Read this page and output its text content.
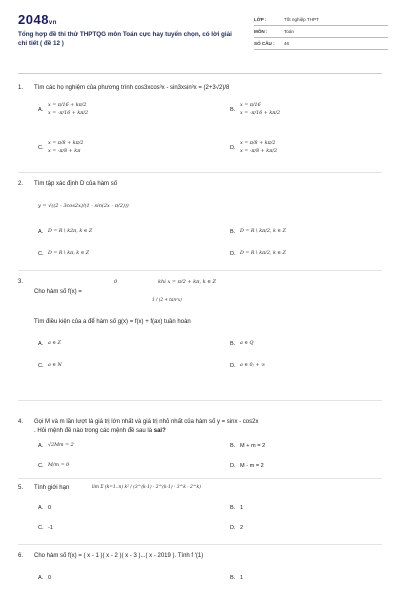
2048vn
Tổng hợp đề thi thử THPTQG môn Toán cực hay tuyển chọn, có lời giải chi tiết ( đề 12 )
LỚP :	Tốt nghiệp THPT
MÔN :	Toán
SỐ CÂU :	46
1. Tìm các họ nghiệm của phương trình cos3xcos³x - sin3xsin³x = (2+3√2)/8
A.
x = π/16 + kπ/2
x = -π/16 + kπ/2
B.
x = π/16
x = -π/16 + kπ/2
C.
x = π/8 + kπ/2
x = -π/8 + kπ
D.
x = π/8 + kπ/2
x = -π/8 + kπ/2
2. Tìm tập xác định D của hàm số
y = √((2 - 3cos2x)/(1 - sin(2x - π/2)))
A. D = R \ k2π, k ∈ Z	B. D = R \ kπ/2, k ∈ Z
C. D = R \ kπ, k ∈ Z	D. D = R \ kπ/2, k ∈ Z
3.
Cho hàm số f(x) =
0	khi x = π/2 + kπ, k ∈ Z
1 / (2 + tan²x)
Tìm điều kiện của a để hàm số g(x) = f(x) + f(ax) tuần hoàn
A. a ∈ Z	B. a ∈ Q
C. a ∈ N	D. a ∈ 0; + ∞
4. Gọi M và m lần lượt là giá trị lớn nhất và giá trị nhỏ nhất của hàm số y = sinx - cos2x
. Hỏi mệnh đề nào trong các mệnh đề sau là sai?
A. √2Mm = 2	B. M + m = 2
C. M/m = 0	D. M - m = 2
5. Tính giới hạn	lim Σ (k=1..n) k² / (3^(k-1) · 2^(k-1) · 3^k · 2^k)
A. 0	B. 1
C. -1	D. 2
6. Cho hàm số f(x) = ( x - 1 )( x - 2 )( x - 3 )...( x - 2019 ). Tính f '(1)
A. 0	B. 1
